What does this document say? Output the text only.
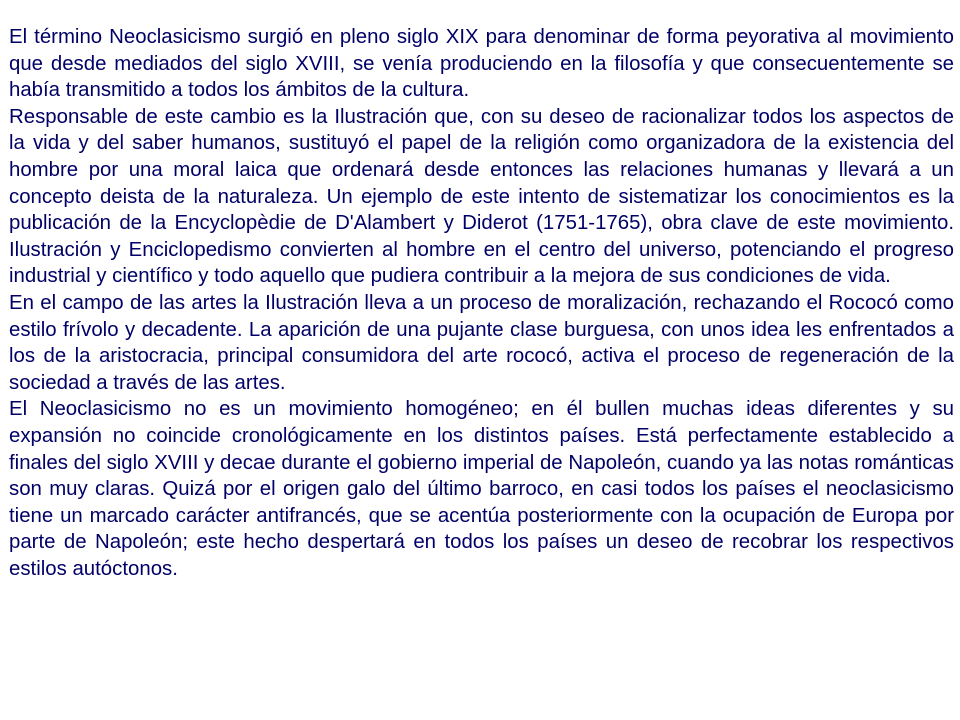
El término Neoclasicismo surgió en pleno siglo XIX para denominar de forma peyorativa al movimiento que desde mediados del siglo XVIII, se venía produciendo en la filosofía y que consecuentemente se había transmitido a todos los ámbitos de la cultura.

Responsable de este cambio es la Ilustración que, con su deseo de racionalizar todos los aspectos de la vida y del saber humanos, sustituyó el papel de la religión como organizadora de la existencia del hombre por una moral laica que ordenará desde entonces las relaciones humanas y llevará a un concepto deista de la naturaleza. Un ejemplo de este intento de sistematizar los conocimientos es la publicación de la Encyclopèdie de D'Alambert y Diderot (1751-1765), obra clave de este movimiento. Ilustración y Enciclopedismo convierten al hombre en el centro del universo, potenciando el progreso industrial y científico y todo aquello que pudiera contribuir a la mejora de sus condiciones de vida.

En el campo de las artes la Ilustración lleva a un proceso de moralización, rechazando el Rococó como estilo frívolo y decadente. La aparición de una pujante clase burguesa, con unos idea les enfrentados a los de la aristocracia, principal consumidora del arte rococó, activa el proceso de regeneración de la sociedad a través de las artes.

El Neoclasicismo no es un movimiento homogéneo; en él bullen muchas ideas diferentes y su expansión no coincide cronológicamente en los distintos países. Está perfectamente establecido a finales del siglo XVIII y decae durante el gobierno imperial de Napoleón, cuando ya las notas románticas son muy claras. Quizá por el origen galo del último barroco, en casi todos los países el neoclasicismo tiene un marcado carácter antifrancés, que se acentúa posteriormente con la ocupación de Europa por parte de Napoleón; este hecho despertará en todos los países un deseo de recobrar los respectivos estilos autóctonos.
